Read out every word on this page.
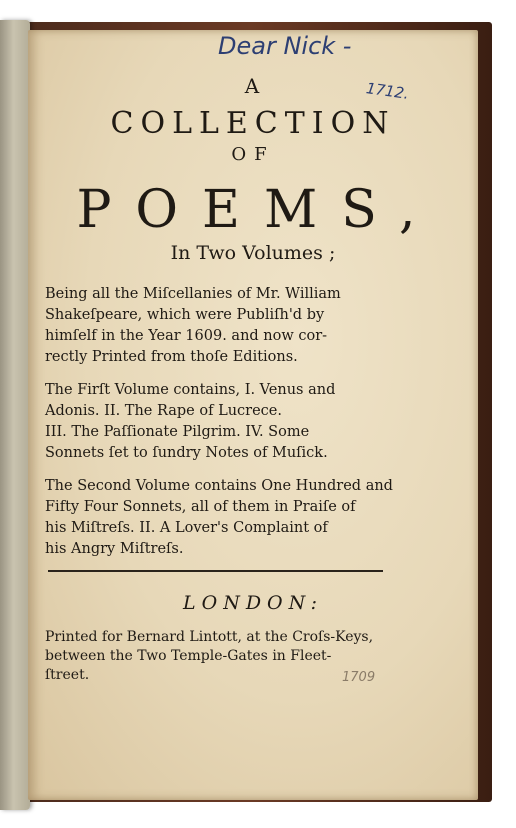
Dear Nick -
1712.
A
COLLECTION
OF
POEMS,
In Two Volumes ;
Being all the Miſcellanies of Mr. William
Shakeſpeare, which were Publiſh'd by
himſelf in the Year 1609. and now cor-
rectly Printed from thoſe Editions.
The Firſt Volume contains, I. Venus and
Adonis. II. The Rape of Lucrece.
III. The Paſſionate Pilgrim. IV. Some
Sonnets ſet to ſundry Notes of Muſick.
The Second Volume contains One Hundred and
Fifty Four Sonnets, all of them in Praiſe of
his Miſtreſs. II. A Lover's Complaint of
his Angry Miſtreſs.
LONDON:
Printed for Bernard Lintott, at the Croſs-Keys,
between the Two Temple-Gates in Fleet-
ſtreet.	1709
